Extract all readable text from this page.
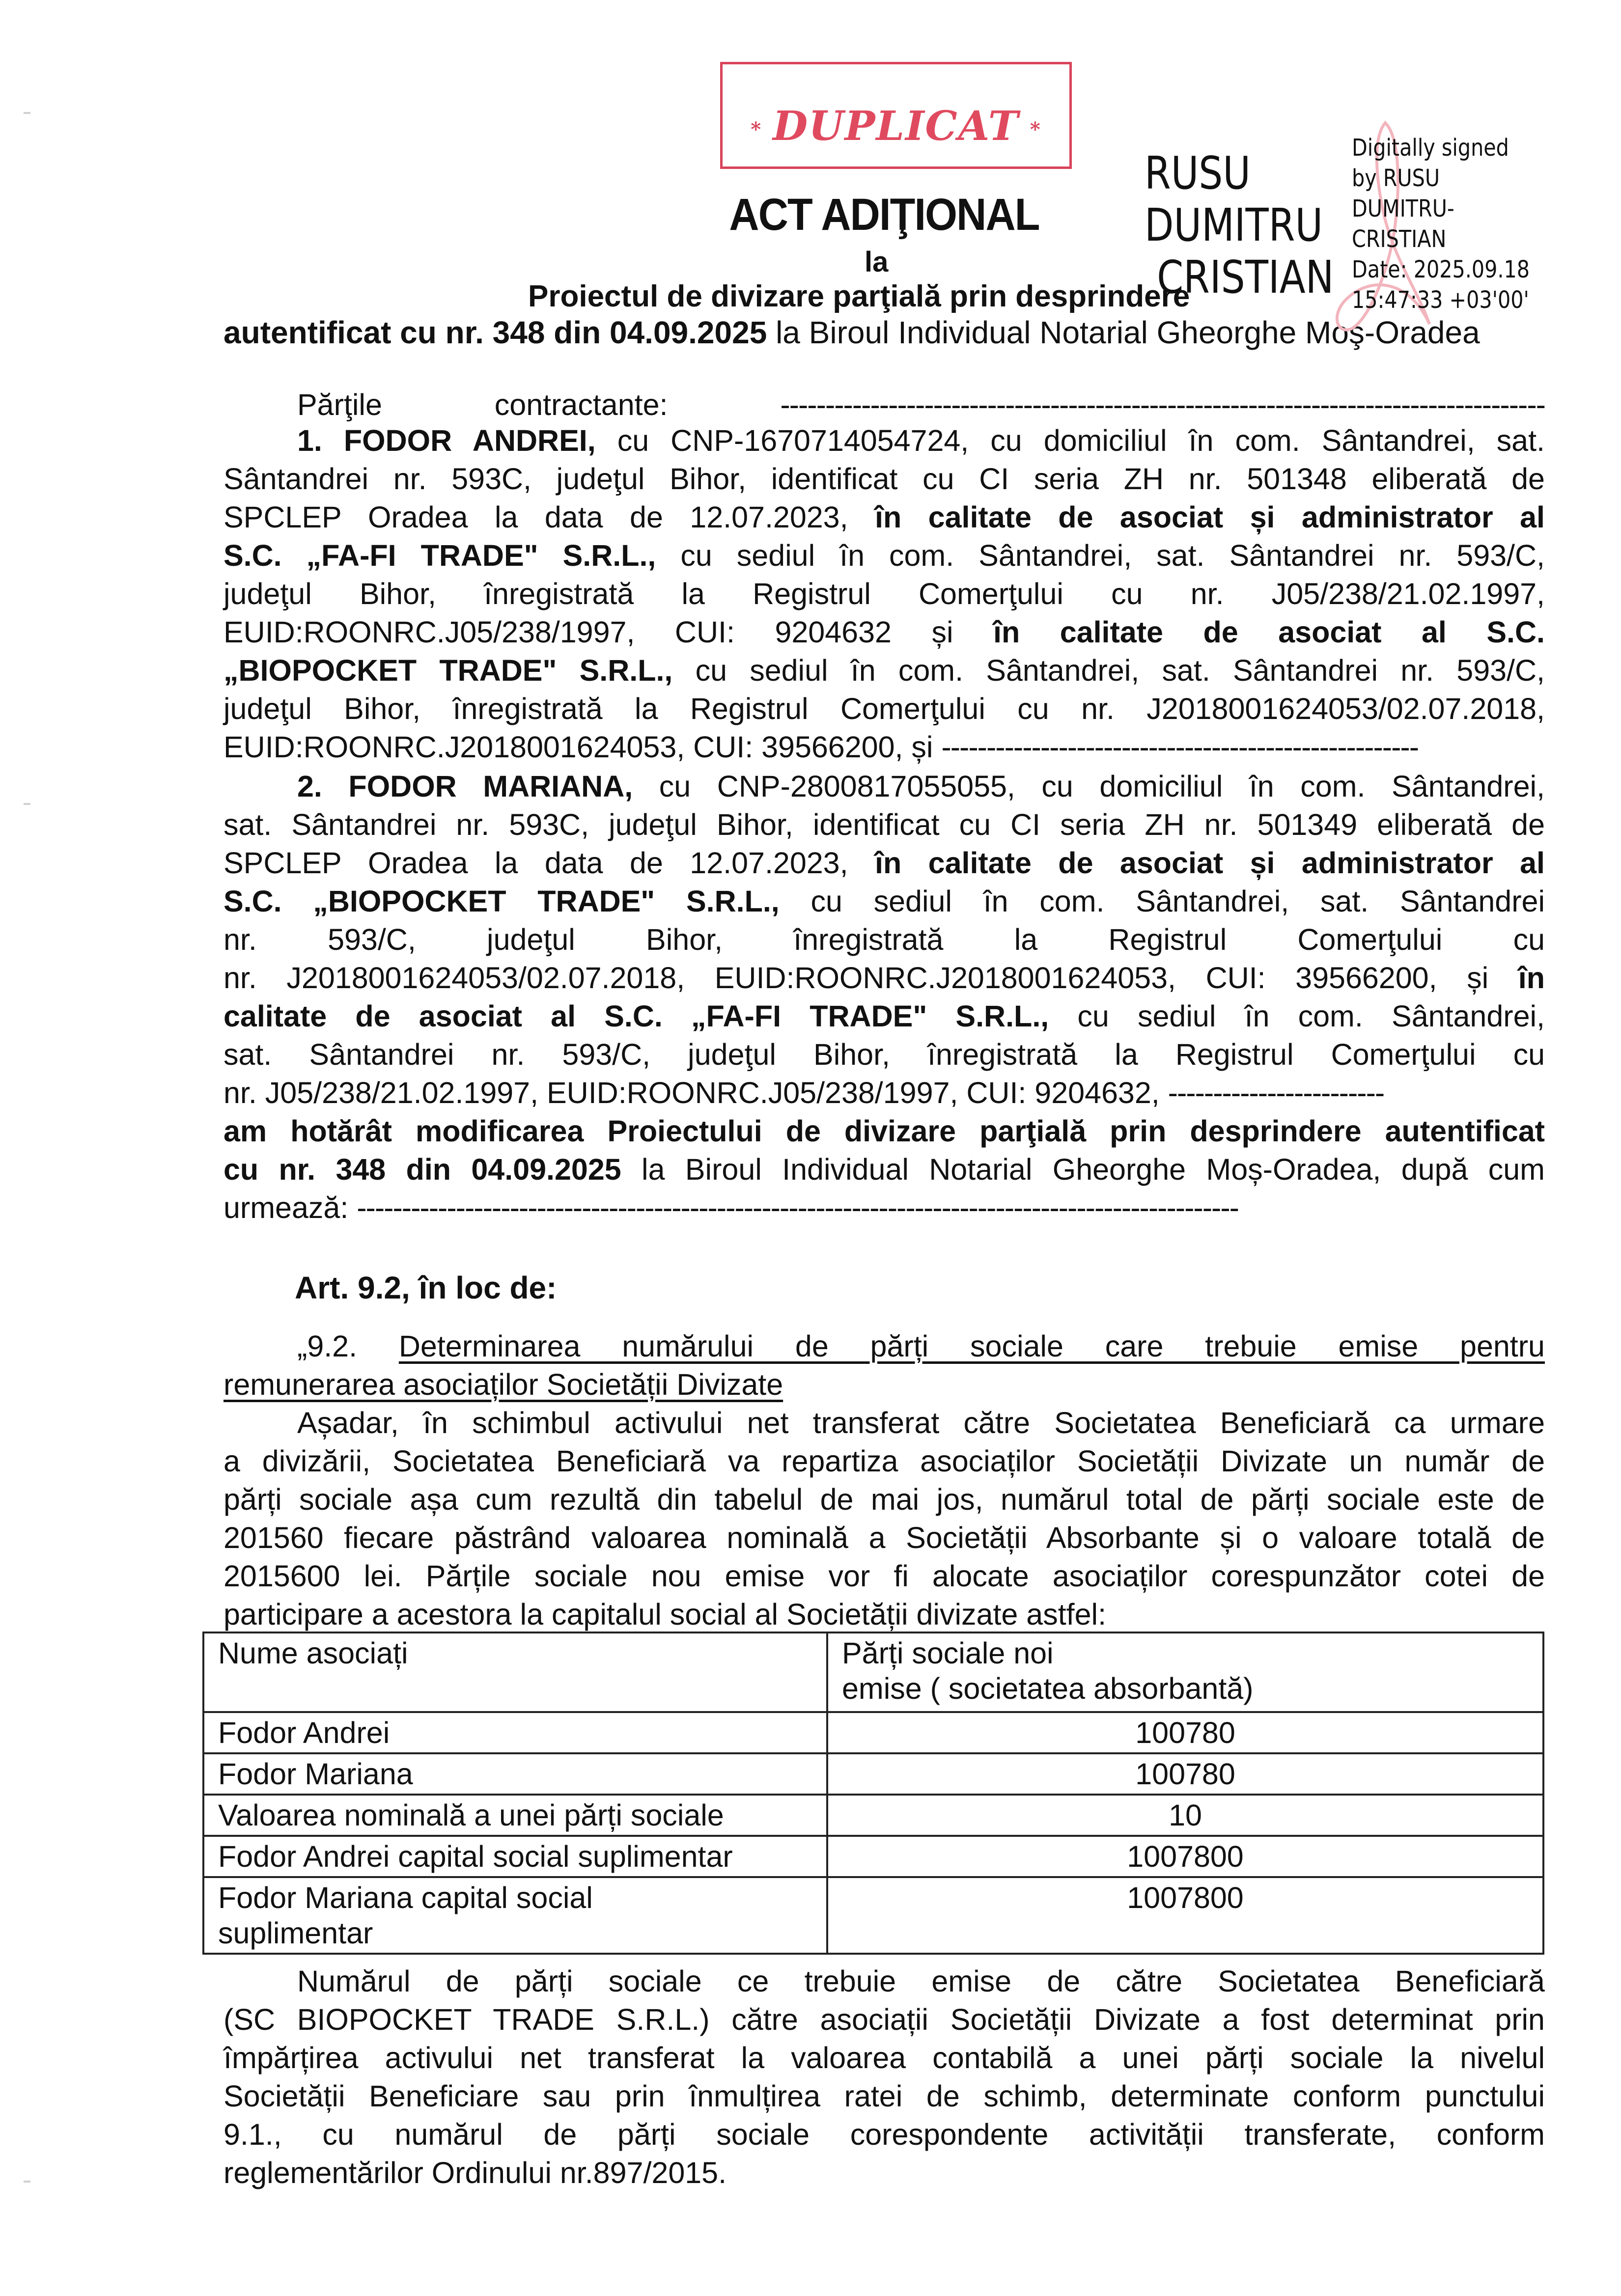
* DUPLICAT *
ACT ADIŢIONAL
la
Proiectul de divizare parţială prin desprindere
autentificat cu nr. 348 din 04.09.2025 la Biroul Individual Notarial Gheorghe Moş-Oradea
RUSU
DUMITRU
CRISTIAN
Digitally signed
by RUSU
DUMITRU-
CRISTIAN
Date: 2025.09.18
15:47:33 +03'00'
Părţile contractante:	-------------------------------------------------------------------------------------
1. FODOR ANDREI, cu CNP-1670714054724, cu domiciliul în com. Sântandrei, sat.
Sântandrei nr. 593C, judeţul Bihor, identificat cu CI seria ZH nr. 501348 eliberată de
SPCLEP Oradea la data de 12.07.2023, în calitate de asociat și administrator al
S.C. „FA-FI TRADE" S.R.L., cu sediul în com. Sântandrei, sat. Sântandrei nr. 593/C,
judeţul Bihor, înregistrată la Registrul Comerţului cu nr. J05/238/21.02.1997,
EUID:ROONRC.J05/238/1997, CUI: 9204632 și în calitate de asociat al S.C.
„BIOPOCKET TRADE" S.R.L., cu sediul în com. Sântandrei, sat. Sântandrei nr. 593/C,
judeţul Bihor, înregistrată la Registrul Comerţului cu nr. J2018001624053/02.07.2018,
EUID:ROONRC.J2018001624053, CUI: 39566200, și -----------------------------------------------------
2. FODOR MARIANA, cu CNP-2800817055055, cu domiciliul în com. Sântandrei,
sat. Sântandrei nr. 593C, judeţul Bihor, identificat cu CI seria ZH nr. 501349 eliberată de
SPCLEP Oradea la data de 12.07.2023, în calitate de asociat și administrator al
S.C. „BIOPOCKET TRADE" S.R.L., cu sediul în com. Sântandrei, sat. Sântandrei
nr. 593/C, judeţul Bihor, înregistrată la Registrul Comerţului cu
nr. J2018001624053/02.07.2018, EUID:ROONRC.J2018001624053, CUI: 39566200, și în
calitate de asociat al S.C. „FA-FI TRADE" S.R.L., cu sediul în com. Sântandrei,
sat. Sântandrei nr. 593/C, judeţul Bihor, înregistrată la Registrul Comerţului cu
nr. J05/238/21.02.1997, EUID:ROONRC.J05/238/1997, CUI: 9204632, ------------------------
am hotărât modificarea Proiectului de divizare parţială prin desprindere autentificat
cu nr. 348 din 04.09.2025 la Biroul Individual Notarial Gheorghe Moș-Oradea, după cum
urmează: --------------------------------------------------------------------------------------------------
Art. 9.2, în loc de:
„9.2. Determinarea numărului de părți sociale care trebuie emise pentru
remunerarea asociaților Societății Divizate
Așadar, în schimbul activului net transferat către Societatea Beneficiară ca urmare
a divizării, Societatea Beneficiară va repartiza asociaților Societății Divizate un număr de
părți sociale așa cum rezultă din tabelul de mai jos, numărul total de părți sociale este de
201560 fiecare păstrând valoarea nominală a Societății Absorbante și o valoare totală de
2015600 lei. Părțile sociale nou emise vor fi alocate asociaților corespunzător cotei de
participare a acestora la capitalul social al Societății divizate astfel:
Nume asociați	Părți sociale noi
emise ( societatea absorbantă)

Fodor Andrei	100780
Fodor Mariana	100780
Valoarea nominală a unei părți sociale	10
Fodor Andrei capital social suplimentar	1007800

Fodor Mariana capital social
suplimentar	1007800
Numărul de părți sociale ce trebuie emise de către Societatea Beneficiară
(SC BIOPOCKET TRADE S.R.L.) către asociații Societății Divizate a fost determinat prin
împărțirea activului net transferat la valoarea contabilă a unei părți sociale la nivelul
Societății Beneficiare sau prin înmulțirea ratei de schimb, determinate conform punctului
9.1., cu numărul de părți sociale corespondente activității transferate, conform
reglementărilor Ordinului nr.897/2015.
